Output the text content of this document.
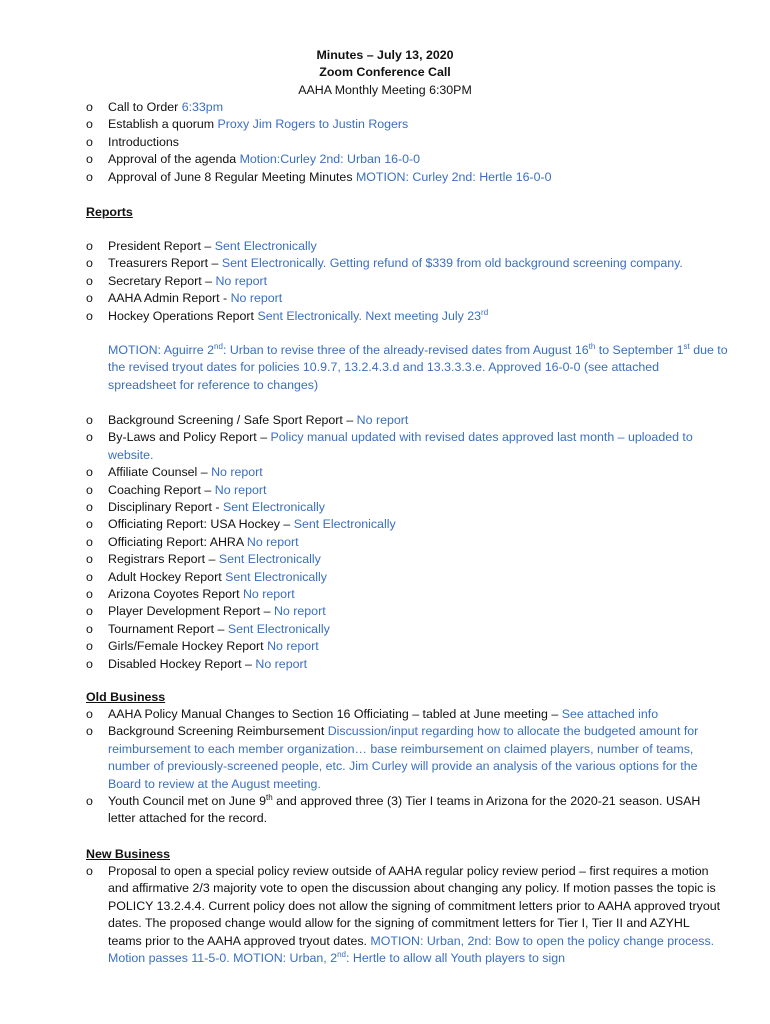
Minutes – July 13, 2020
Zoom Conference Call
AAHA Monthly Meeting 6:30PM
o Call to Order 6:33pm
o Establish a quorum Proxy Jim Rogers to Justin Rogers
o Introductions
o Approval of the agenda Motion:Curley 2nd: Urban 16-0-0
o Approval of June 8 Regular Meeting Minutes MOTION: Curley 2nd: Hertle 16-0-0
Reports
o President Report – Sent Electronically
o Treasurers Report – Sent Electronically. Getting refund of $339 from old background screening company.
o Secretary Report – No report
o AAHA Admin Report - No report
o Hockey Operations Report Sent Electronically. Next meeting July 23rd
MOTION: Aguirre 2nd: Urban to revise three of the already-revised dates from August 16th to September 1st due to the revised tryout dates for policies 10.9.7, 13.2.4.3.d and 13.3.3.3.e. Approved 16-0-0 (see attached spreadsheet for reference to changes)
o Background Screening / Safe Sport Report – No report
o By-Laws and Policy Report – Policy manual updated with revised dates approved last month – uploaded to website.
o Affiliate Counsel – No report
o Coaching Report – No report
o Disciplinary Report - Sent Electronically
o Officiating Report: USA Hockey – Sent Electronically
o Officiating Report: AHRA No report
o Registrars Report – Sent Electronically
o Adult Hockey Report Sent Electronically
o Arizona Coyotes Report No report
o Player Development Report – No report
o Tournament Report – Sent Electronically
o Girls/Female Hockey Report No report
o Disabled Hockey Report – No report
Old Business
o AAHA Policy Manual Changes to Section 16 Officiating – tabled at June meeting – See attached info
o Background Screening Reimbursement Discussion/input regarding how to allocate the budgeted amount for reimbursement to each member organization… base reimbursement on claimed players, number of teams, number of previously-screened people, etc. Jim Curley will provide an analysis of the various options for the Board to review at the August meeting.
o Youth Council met on June 9th and approved three (3) Tier I teams in Arizona for the 2020-21 season. USAH letter attached for the record.
New Business
o Proposal to open a special policy review outside of AAHA regular policy review period – first requires a motion and affirmative 2/3 majority vote to open the discussion about changing any policy. If motion passes the topic is POLICY 13.2.4.4. Current policy does not allow the signing of commitment letters prior to AAHA approved tryout dates. The proposed change would allow for the signing of commitment letters for Tier I, Tier II and AZYHL teams prior to the AAHA approved tryout dates. MOTION: Urban, 2nd: Bow to open the policy change process. Motion passes 11-5-0. MOTION: Urban, 2nd: Hertle to allow all Youth players to sign
